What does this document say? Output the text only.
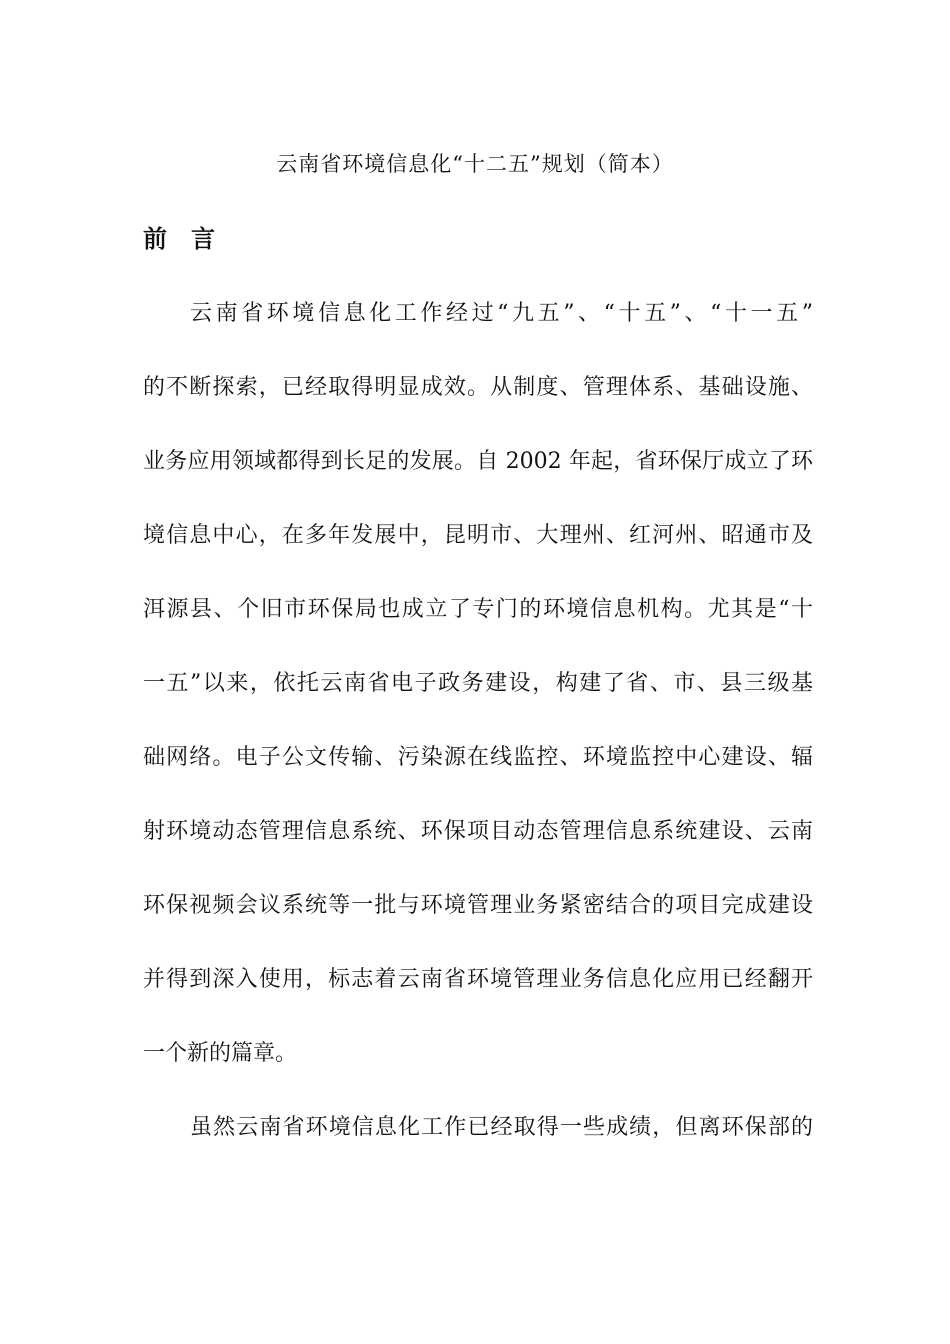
云南省环境信息化“十二五”规划（简本）
前 言
云南省环境信息化工作经过“九五”、“十五”、“十一五”
的不断探索，已经取得明显成效。从制度、管理体系、基础设施、
业务应用领域都得到长足的发展。自 2002 年起，省环保厅成立了环
境信息中心，在多年发展中，昆明市、大理州、红河州、昭通市及
洱源县、个旧市环保局也成立了专门的环境信息机构。尤其是“十
一五”以来，依托云南省电子政务建设，构建了省、市、县三级基
础网络。电子公文传输、污染源在线监控、环境监控中心建设、辐
射环境动态管理信息系统、环保项目动态管理信息系统建设、云南
环保视频会议系统等一批与环境管理业务紧密结合的项目完成建设
并得到深入使用，标志着云南省环境管理业务信息化应用已经翻开
一个新的篇章。
虽然云南省环境信息化工作已经取得一些成绩，但离环保部的
